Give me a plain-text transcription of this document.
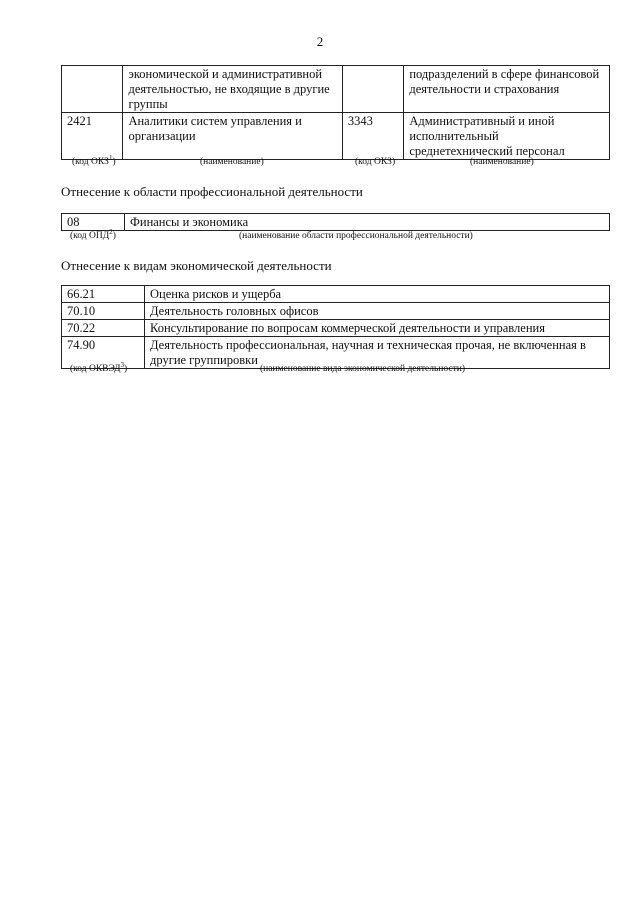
2
	экономической и административной деятельностью, не входящие в другие группы		подразделений в сфере финансовой деятельности и страхования
2421	Аналитики систем управления и организации	3343	Административный и иной исполнительный среднетехнический персонал
(код ОКЗ$^1$)	(наименование)	(код ОКЗ)	(наименование)
Отнесение к области профессиональной деятельности
08	Финансы и экономика
(код ОПД$^2$)	(наименование области профессиональной деятельности)
Отнесение к видам экономической деятельности
66.21	Оценка рисков и ущерба
70.10	Деятельность головных офисов
70.22	Консультирование по вопросам коммерческой деятельности и управления
74.90	Деятельность профессиональная, научная и техническая прочая, не включенная в другие группировки
(код ОКВЭД$^3$)	(наименование вида экономической деятельности)
